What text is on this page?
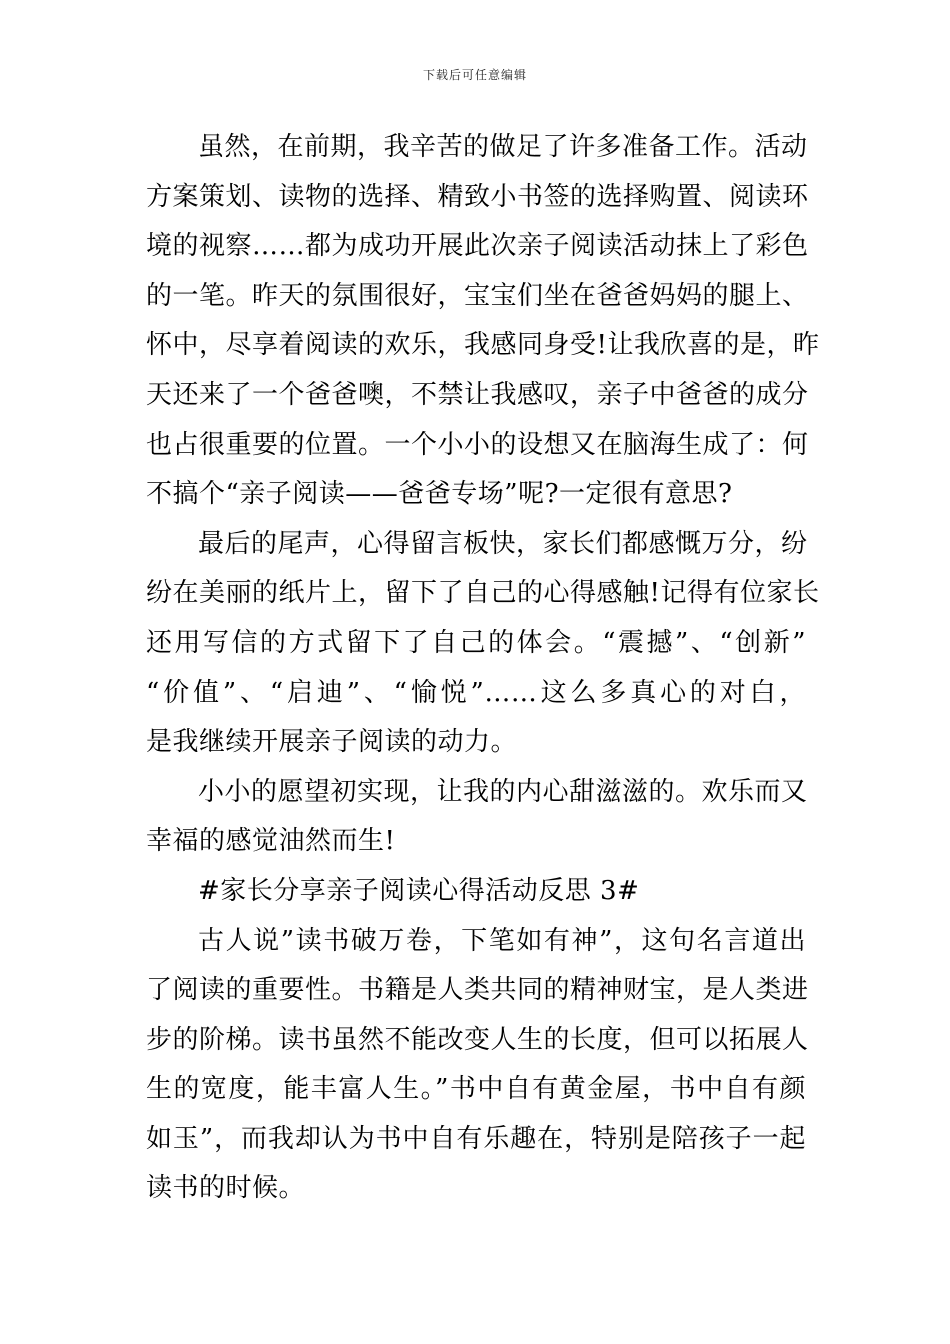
下载后可任意编辑
虽然，在前期，我辛苦的做足了许多准备工作。活动
方案策划、读物的选择、精致小书签的选择购置、阅读环
境的视察……都为成功开展此次亲子阅读活动抹上了彩色
的一笔。昨天的氛围很好，宝宝们坐在爸爸妈妈的腿上、
怀中，尽享着阅读的欢乐，我感同身受!让我欣喜的是，昨
天还来了一个爸爸噢，不禁让我感叹，亲子中爸爸的成分
也占很重要的位置。一个小小的设想又在脑海生成了：何
不搞个“亲子阅读——爸爸专场”呢?一定很有意思?
最后的尾声，心得留言板快，家长们都感慨万分，纷
纷在美丽的纸片上，留下了自己的心得感触!记得有位家长
还用写信的方式留下了自己的体会。“震撼”、“创新”
“价值”、“启迪”、“愉悦”……这么多真心的对白，
是我继续开展亲子阅读的动力。
小小的愿望初实现，让我的内心甜滋滋的。欢乐而又
幸福的感觉油然而生!
#家长分享亲子阅读心得活动反思 3#
古人说”读书破万卷，下笔如有神”，这句名言道出
了阅读的重要性。书籍是人类共同的精神财宝，是人类进
步的阶梯。读书虽然不能改变人生的长度，但可以拓展人
生的宽度，能丰富人生。”书中自有黄金屋，书中自有颜
如玉”，而我却认为书中自有乐趣在，特别是陪孩子一起
读书的时候。
